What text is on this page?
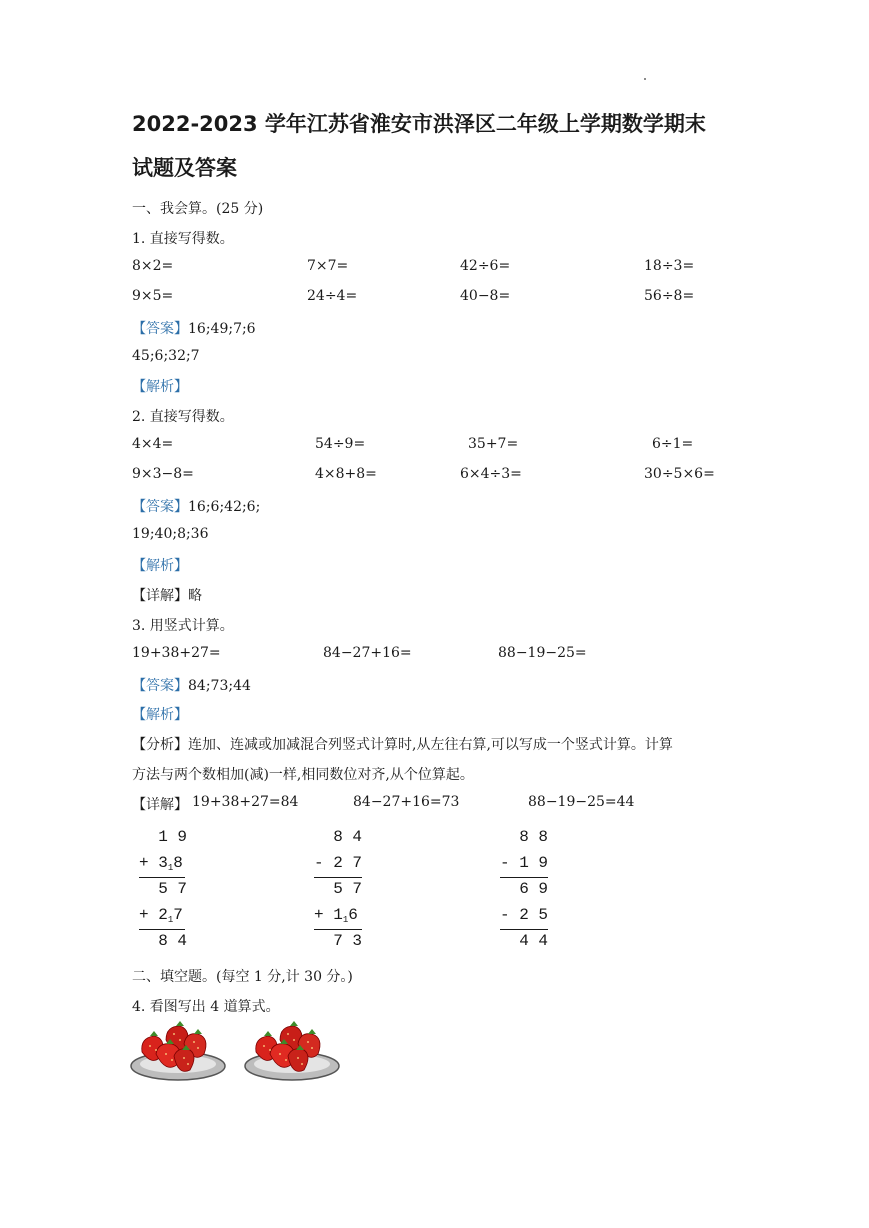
2022-2023 学年江苏省淮安市洪泽区二年级上学期数学期末
试题及答案
一、我会算。(25 分)
1. 直接写得数。
8×2=	7×7=	42÷6=	18÷3=
9×5=	24÷4=	40−8=	56÷8=
【答案】16;49;7;6
45;6;32;7
【解析】
2. 直接写得数。
4×4=	54÷9=	35+7=	6÷1=
9×3−8=	4×8+8=	6×4÷3=	30÷5×6=
【答案】16;6;42;6;
19;40;8;36
【解析】
【详解】略
3. 用竖式计算。
19+38+27=	84−27+16=	88−19−25=
【答案】84;73;44
【解析】
【分析】连加、连减或加减混合列竖式计算时,从左往右算,可以写成一个竖式计算。计算
方法与两个数相加(减)一样,相同数位对齐,从个位算起。
【详解】 19+38+27=84	84−27+16=73	88−19−25=44
1 9
+ $3_18$
5 7
+ $2_17$
8 4
8 4
- 2 7
5 7
+ $1_16$
7 3
8 8
- 1 9
6 9
- 2 5
4 4
二、填空题。(每空 1 分,计 30 分。)
4. 看图写出 4 道算式。
